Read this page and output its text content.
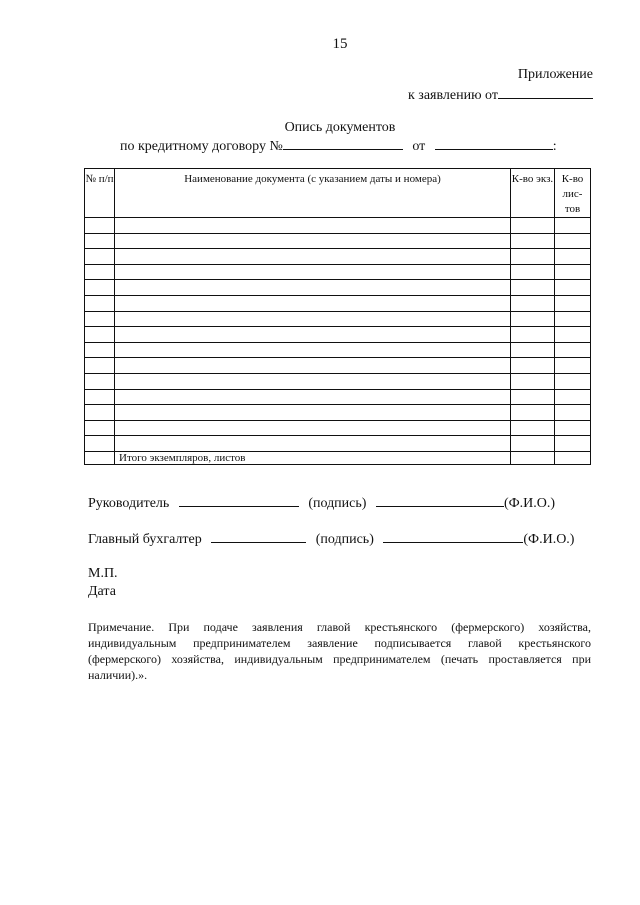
15
Приложение
к заявлению от
Опись документов
по кредитному договору №	от	:
№ п/п	Наименование документа (с указанием даты и номера)	К-во экз.	К-во лис- тов

	Итого экземпляров, листов		
Руководитель	(подпись)	(Ф.И.О.)
Главный бухгалтер	(подпись)	(Ф.И.О.)
М.П.
Дата
Примечание. При подаче заявления главой крестьянского (фермерского) хозяйства, индивидуальным предпринимателем заявление подписывается главой крестьянского (фермерского) хозяйства, индивидуальным предпринимателем (печать проставляется при наличии).».
